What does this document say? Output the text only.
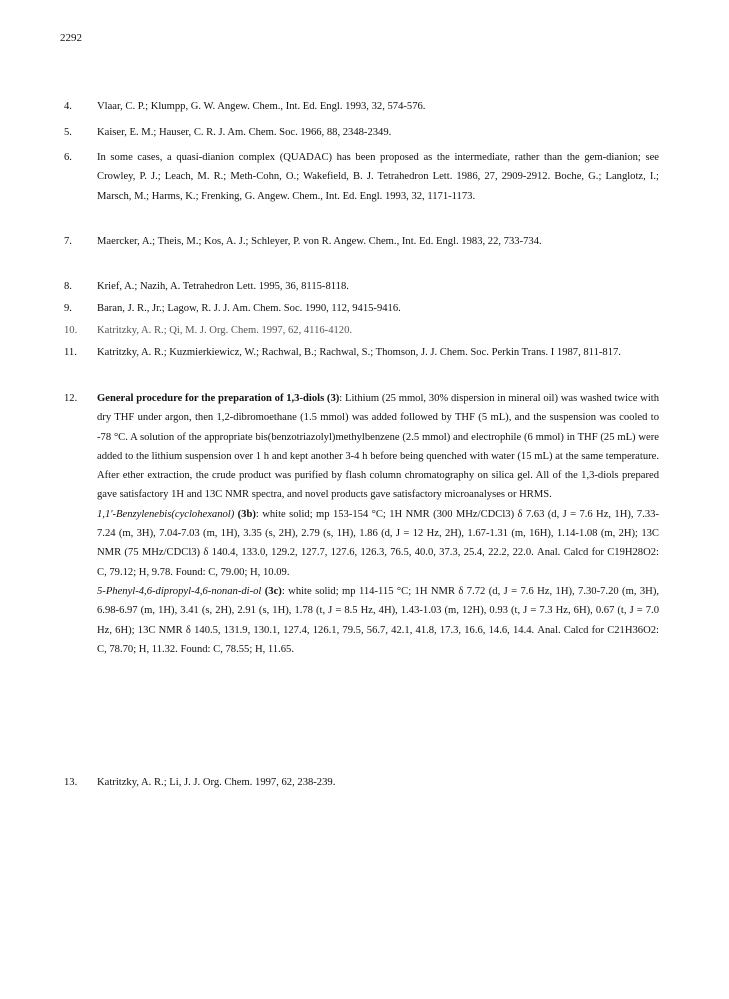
2292
4.	Vlaar, C. P.; Klumpp, G. W. Angew. Chem., Int. Ed. Engl. 1993, 32, 574-576.

5.	Kaiser, E. M.; Hauser, C. R. J. Am. Chem. Soc. 1966, 88, 2348-2349.

6.	In some cases, a quasi-dianion complex (QUADAC) has been proposed as the intermediate, rather than the gem-dianion; see Crowley, P. J.; Leach, M. R.; Meth-Cohn, O.; Wakefield, B. J. Tetrahedron Lett. 1986, 27, 2909-2912. Boche, G.; Langlotz, I.; Marsch, M.; Harms, K.; Frenking, G. Angew. Chem., Int. Ed. Engl. 1993, 32, 1171-1173.

7.	Maercker, A.; Theis, M.; Kos, A. J.; Schleyer, P. von R. Angew. Chem., Int. Ed. Engl. 1983, 22, 733-734.

8.	Krief, A.; Nazih, A. Tetrahedron Lett. 1995, 36, 8115-8118.

9.	Baran, J. R., Jr.; Lagow, R. J. J. Am. Chem. Soc. 1990, 112, 9415-9416.

10.	Katritzky, A. R.; Qi, M. J. Org. Chem. 1997, 62, 4116-4120.

11.	Katritzky, A. R.; Kuzmierkiewicz, W.; Rachwal, B.; Rachwal, S.; Thomson, J. J. Chem. Soc. Perkin Trans. I 1987, 811-817.

12.	General procedure for the preparation of 1,3-diols (3): Lithium (25 mmol, 30% dispersion in mineral oil) was washed twice with dry THF under argon, then 1,2-dibromoethane (1.5 mmol) was added followed by THF (5 mL), and the suspension was cooled to -78 °C. A solution of the appropriate bis(benzotriazolyl)methylbenzene (2.5 mmol) and electrophile (6 mmol) in THF (25 mL) were added to the lithium suspension over 1 h and kept another 3-4 h before being quenched with water (15 mL) at the same temperature. After ether extraction, the crude product was purified by flash column chromatography on silica gel. All of the 1,3-diols prepared gave satisfactory 1H and 13C NMR spectra, and novel products gave satisfactory microanalyses or HRMS.

1,1'-Benzylenebis(cyclohexanol) (3b): white solid; mp 153-154 °C; 1H NMR (300 MHz/CDCl3) δ 7.63 (d, J = 7.6 Hz, 1H), 7.33-7.24 (m, 3H), 7.04-7.03 (m, 1H), 3.35 (s, 2H), 2.79 (s, 1H), 1.86 (d, J = 12 Hz, 2H), 1.67-1.31 (m, 16H), 1.14-1.08 (m, 2H); 13C NMR (75 MHz/CDCl3) δ 140.4, 133.0, 129.2, 127.7, 127.6, 126.3, 76.5, 40.0, 37.3, 25.4, 22.2, 22.0. Anal. Calcd for C19H28O2: C, 79.12; H, 9.78. Found: C, 79.00; H, 10.09.

5-Phenyl-4,6-dipropyl-4,6-nonan-di-ol (3c): white solid; mp 114-115 °C; 1H NMR δ 7.72 (d, J = 7.6 Hz, 1H), 7.30-7.20 (m, 3H), 6.98-6.97 (m, 1H), 3.41 (s, 2H), 2.91 (s, 1H), 1.78 (t, J = 8.5 Hz, 4H), 1.43-1.03 (m, 12H), 0.93 (t, J = 7.3 Hz, 6H), 0.67 (t, J = 7.0 Hz, 6H); 13C NMR δ 140.5, 131.9, 130.1, 127.4, 126.1, 79.5, 56.7, 42.1, 41.8, 17.3, 16.6, 14.6, 14.4. Anal. Calcd for C21H36O2: C, 78.70; H, 11.32. Found: C, 78.55; H, 11.65.

13.	Katritzky, A. R.; Li, J. J. Org. Chem. 1997, 62, 238-239.
